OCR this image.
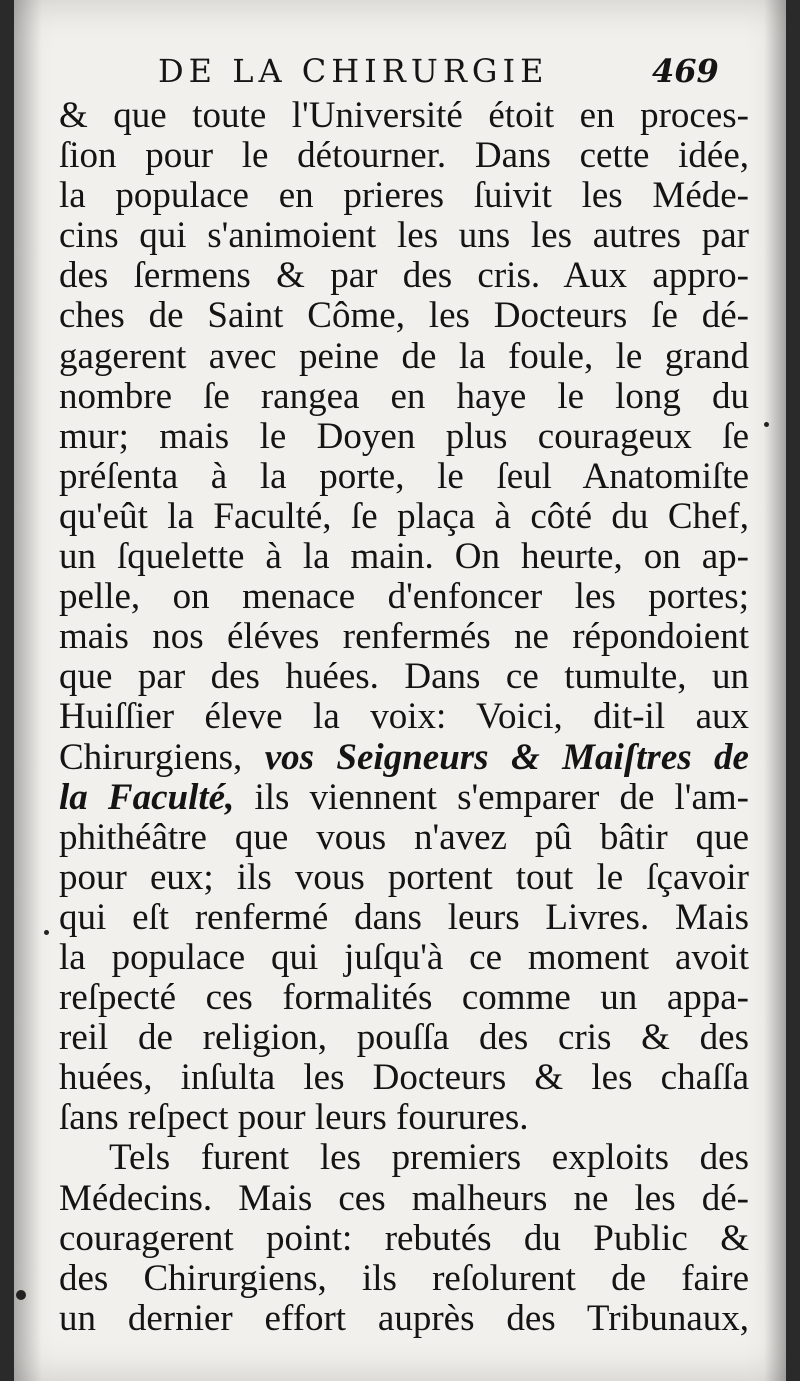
DE LA CHIRURGIE	469
& que toute l'Université étoit en proces-
ſion pour le détourner. Dans cette idée,
la populace en prieres ſuivit les Méde-
cins qui s'animoient les uns les autres par
des ſermens & par des cris. Aux appro-
ches de Saint Côme, les Docteurs ſe dé-
gagerent avec peine de la foule, le grand
nombre ſe rangea en haye le long du
mur; mais le Doyen plus courageux ſe
préſenta à la porte, le ſeul Anatomiſte
qu'eût la Faculté, ſe plaça à côté du Chef,
un ſquelette à la main. On heurte, on ap-
pelle, on menace d'enfoncer les portes;
mais nos éléves renfermés ne répondoient
que par des huées. Dans ce tumulte, un
Huiſſier éleve la voix: Voici, dit-il aux
Chirurgiens, vos Seigneurs & Maiſtres de
la Faculté, ils viennent s'emparer de l'am-
phithéâtre que vous n'avez pû bâtir que
pour eux; ils vous portent tout le ſçavoir
qui eſt renfermé dans leurs Livres. Mais
la populace qui juſqu'à ce moment avoit
reſpecté ces formalités comme un appa-
reil de religion, pouſſa des cris & des
huées, inſulta les Docteurs & les chaſſa
ſans reſpect pour leurs fourures.
Tels furent les premiers exploits des
Médecins. Mais ces malheurs ne les dé-
couragerent point: rebutés du Public &
des Chirurgiens, ils reſolurent de faire
un dernier effort auprès des Tribunaux,
